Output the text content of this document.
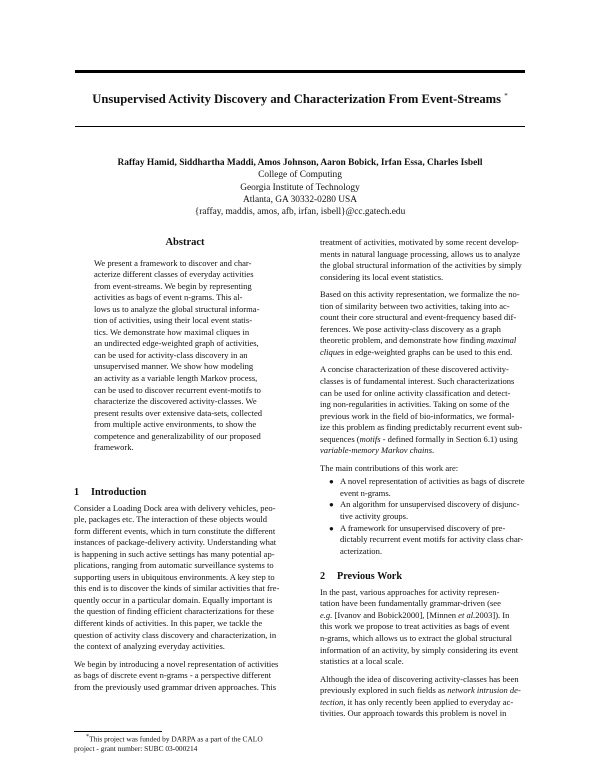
Unsupervised Activity Discovery and Characterization From Event-Streams *
Raffay Hamid, Siddhartha Maddi, Amos Johnson, Aaron Bobick, Irfan Essa, Charles Isbell
College of Computing
Georgia Institute of Technology
Atlanta, GA 30332-0280 USA
{raffay, maddis, amos, afb, irfan, isbell}@cc.gatech.edu
Abstract
We present a framework to discover and char-
acterize different classes of everyday activities
from event-streams. We begin by representing
activities as bags of event n-grams. This al-
lows us to analyze the global structural informa-
tion of activities, using their local event statis-
tics. We demonstrate how maximal cliques in
an undirected edge-weighted graph of activities,
can be used for activity-class discovery in an
unsupervised manner. We show how modeling
an activity as a variable length Markov process,
can be used to discover recurrent event-motifs to
characterize the discovered activity-classes. We
present results over extensive data-sets, collected
from multiple active environments, to show the
competence and generalizability of our proposed
framework.
1 Introduction
Consider a Loading Dock area with delivery vehicles, peo-
ple, packages etc. The interaction of these objects would
form different events, which in turn constitute the different
instances of package-delivery activity. Understanding what
is happening in such active settings has many potential ap-
plications, ranging from automatic surveillance systems to
supporting users in ubiquitous environments. A key step to
this end is to discover the kinds of similar activities that fre-
quently occur in a particular domain. Equally important is
the question of finding efficient characterizations for these
different kinds of activities. In this paper, we tackle the
question of activity class discovery and characterization, in
the context of analyzing everyday activities.
We begin by introducing a novel representation of activities
as bags of discrete event n-grams - a perspective different
from the previously used grammar driven approaches. This
*This project was funded by DARPA as a part of the CALO
project - grant number: SUBC 03-000214
treatment of activities, motivated by some recent develop-
ments in natural language processing, allows us to analyze
the global structural information of the activities by simply
considering its local event statistics.
Based on this activity representation, we formalize the no-
tion of similarity between two activities, taking into ac-
count their core structural and event-frequency based dif-
ferences. We pose activity-class discovery as a graph
theoretic problem, and demonstrate how finding maximal
cliques in edge-weighted graphs can be used to this end.
A concise characterization of these discovered activity-
classes is of fundamental interest. Such characterizations
can be used for online activity classification and detect-
ing non-regularities in activities. Taking on some of the
previous work in the field of bio-informatics, we formal-
ize this problem as finding predictably recurrent event sub-
sequences (motifs - defined formally in Section 6.1) using
variable-memory Markov chains.
The main contributions of this work are:
● A novel representation of activities as bags of discrete
event n-grams.
● An algorithm for unsupervised discovery of disjunc-
tive activity groups.
● A framework for unsupervised discovery of pre-
dictably recurrent event motifs for activity class char-
acterization.
2 Previous Work
In the past, various approaches for activity represen-
tation have been fundamentally grammar-driven (see
e.g. [Ivanov and Bobick2000], [Minnen et al.2003]). In
this work we propose to treat activities as bags of event
n-grams, which allows us to extract the global structural
information of an activity, by simply considering its event
statistics at a local scale.
Although the idea of discovering activity-classes has been
previously explored in such fields as network intrusion de-
tection, it has only recently been applied to everyday ac-
tivities. Our approach towards this problem is novel in
